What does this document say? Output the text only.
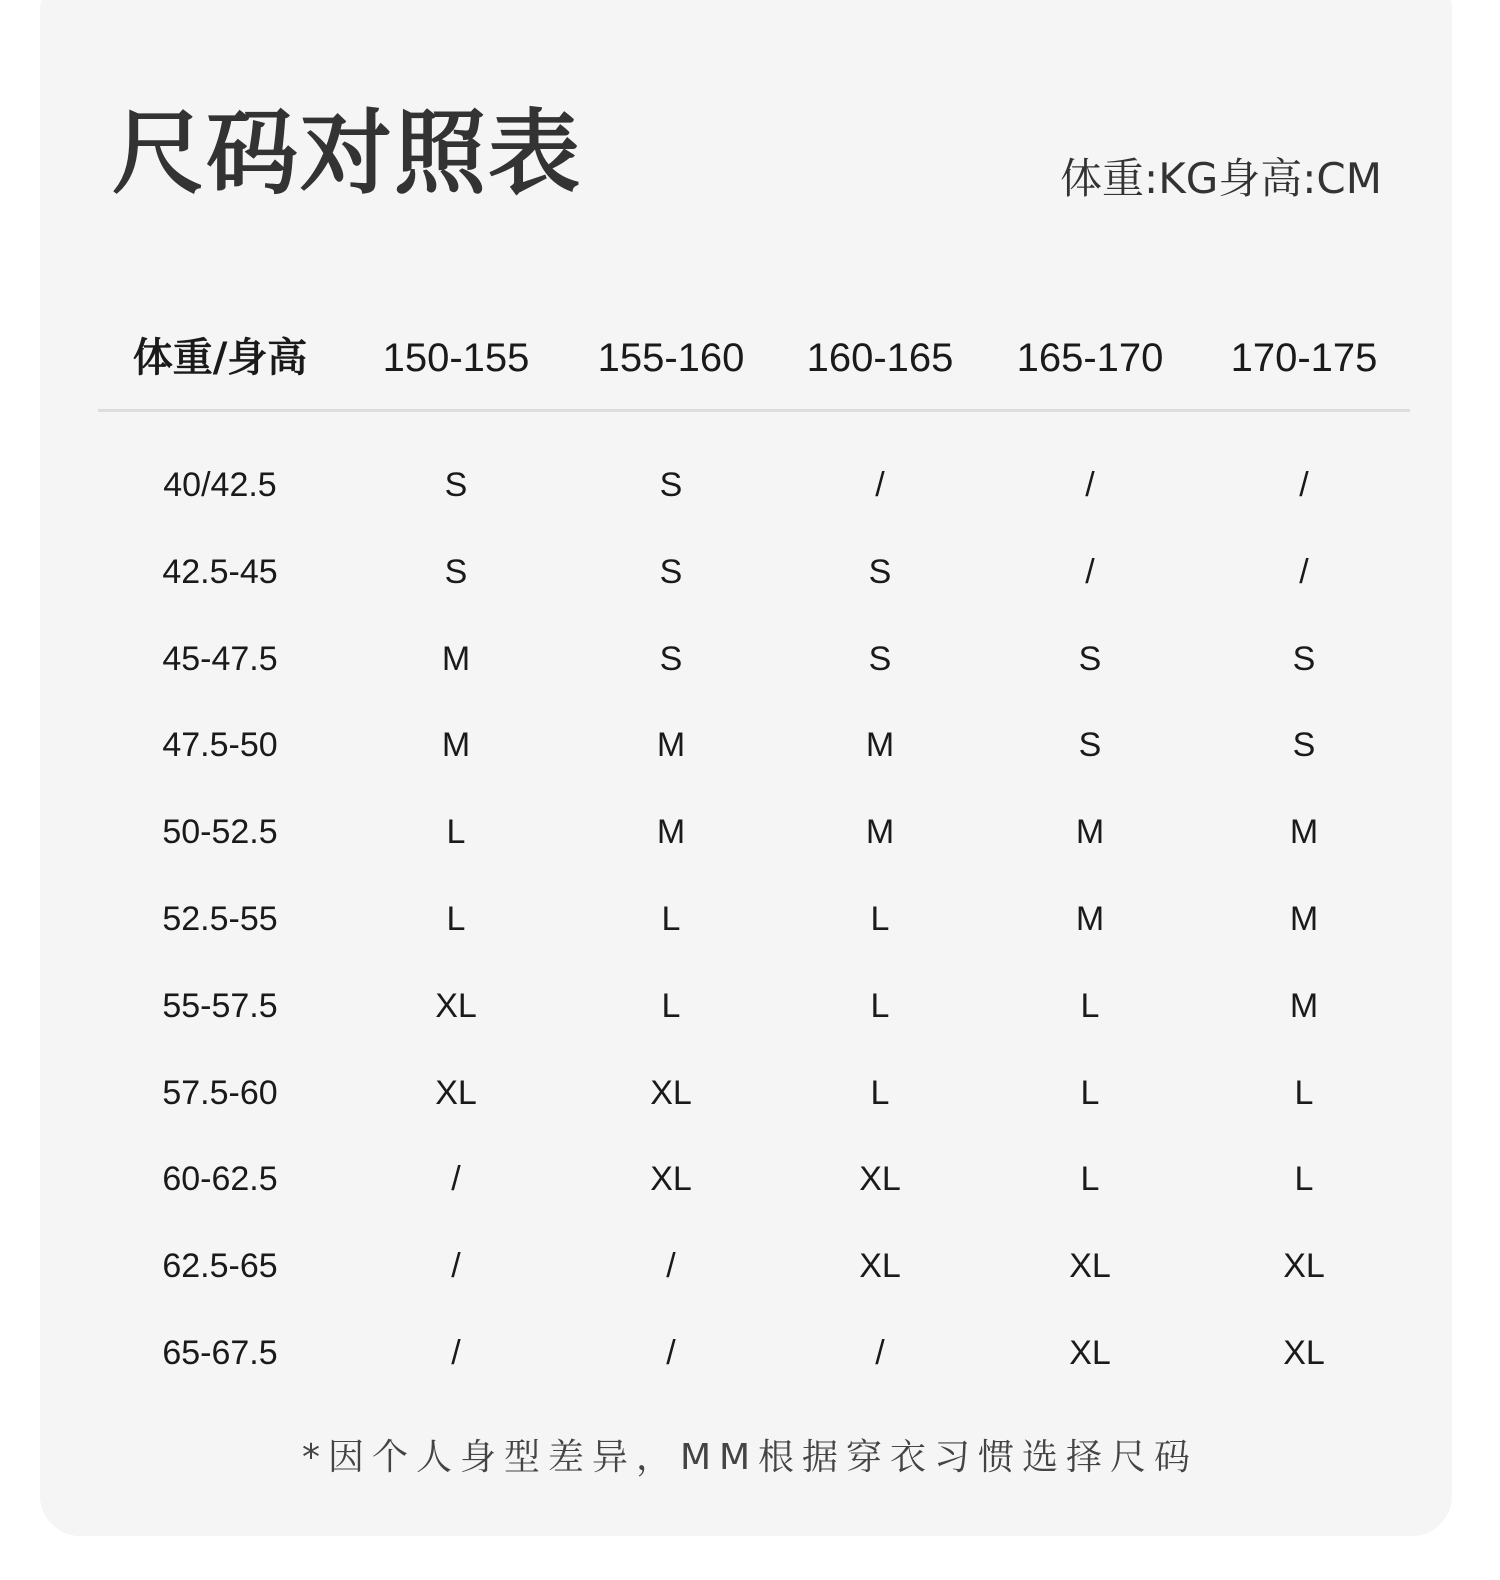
尺码对照表	体重:KG身高:CM
体重/身高 150-155 155-160 160-165 165-170 170-175
40/42.5	S	S	/	/	/
42.5-45	S	S	S	/	/
45-47.5	M	S	S	S	S
47.5-50	M	M	M	S	S
50-52.5	L	M	M	M	M
52.5-55	L	L	L	M	M
55-57.5	XL	L	L	L	M
57.5-60	XL	XL	L	L	L
60-62.5	/	XL	XL	L	L
62.5-65	/	/	XL	XL	XL
65-67.5	/	/	/	XL	XL
*因个人身型差异，MM根据穿衣习惯选择尺码
